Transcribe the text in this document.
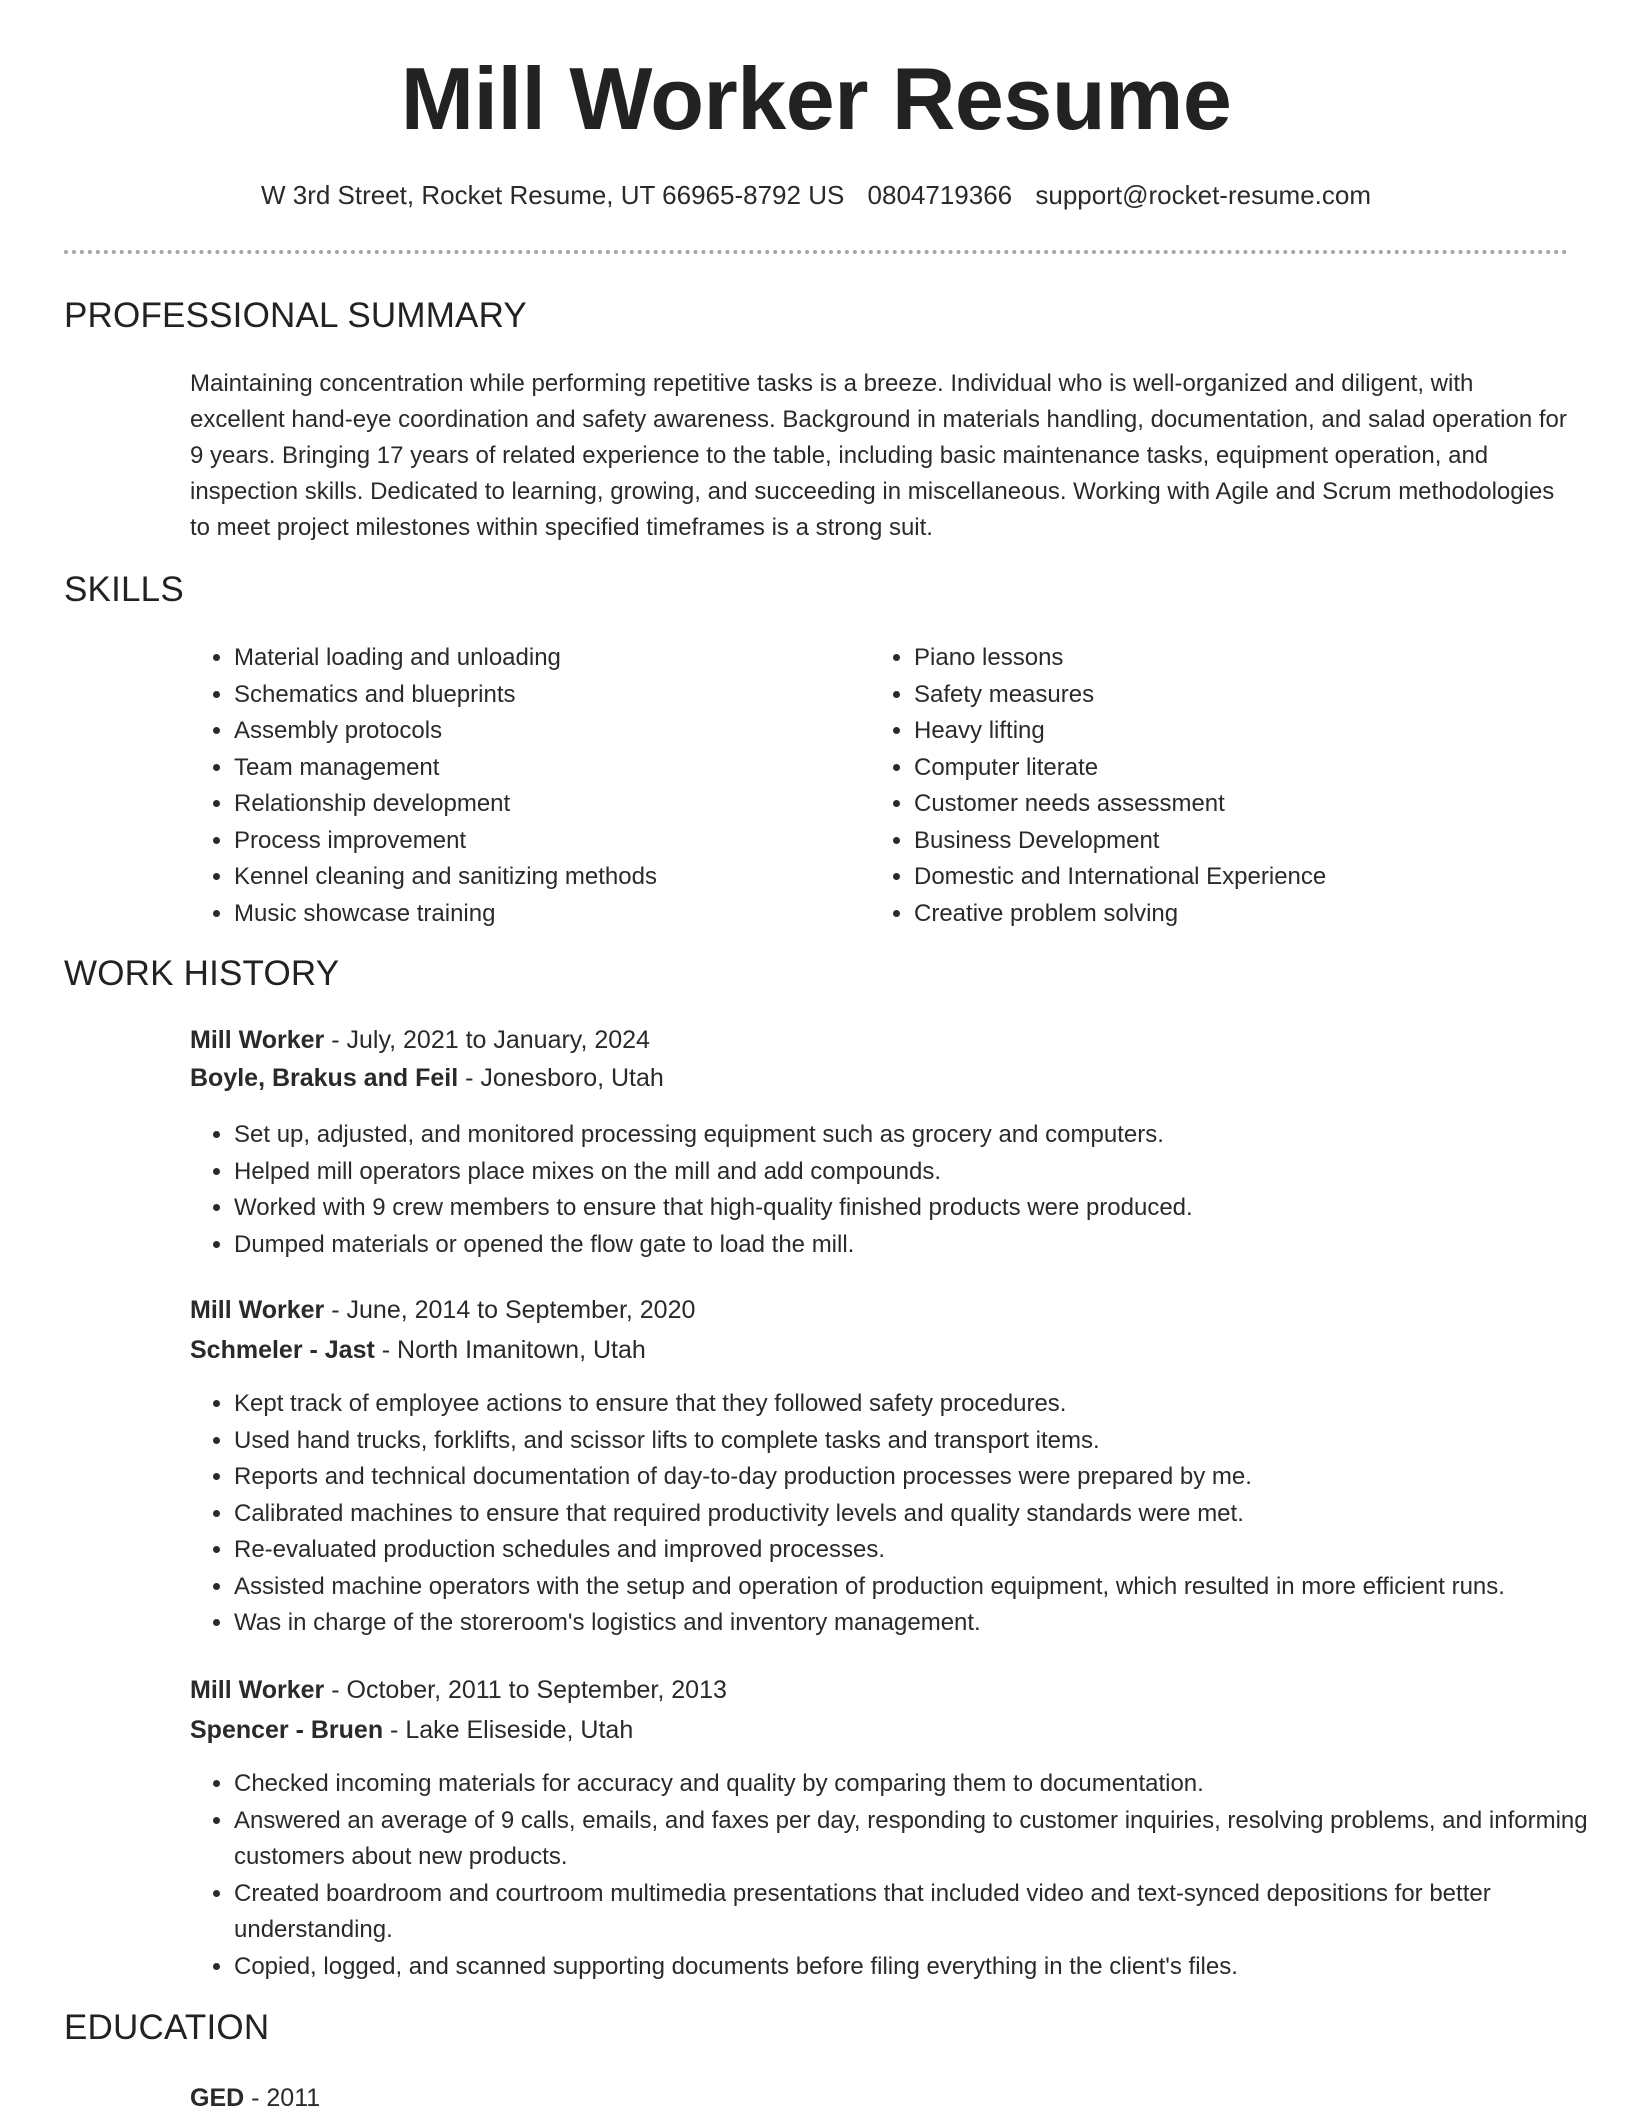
Mill Worker Resume
W 3rd Street, Rocket Resume, UT 66965-8792 US 0804719366 support@rocket-resume.com
PROFESSIONAL SUMMARY

Maintaining concentration while performing repetitive tasks is a breeze. Individual who is well-organized and diligent, with excellent hand-eye coordination and safety awareness. Background in materials handling, documentation, and salad operation for 9 years. Bringing 17 years of related experience to the table, including basic maintenance tasks, equipment operation, and inspection skills. Dedicated to learning, growing, and succeeding in miscellaneous. Working with Agile and Scrum methodologies to meet project milestones within specified timeframes is a strong suit.

SKILLS
• Material loading and unloading
• Schematics and blueprints
• Assembly protocols
• Team management
• Relationship development
• Process improvement
• Kennel cleaning and sanitizing methods
• Music showcase training
• Piano lessons
• Safety measures
• Heavy lifting
• Computer literate
• Customer needs assessment
• Business Development
• Domestic and International Experience
• Creative problem solving
WORK HISTORY
Mill Worker - July, 2021 to January, 2024
Boyle, Brakus and Feil - Jonesboro, Utah
• Set up, adjusted, and monitored processing equipment such as grocery and computers.
• Helped mill operators place mixes on the mill and add compounds.
• Worked with 9 crew members to ensure that high-quality finished products were produced.
• Dumped materials or opened the flow gate to load the mill.
Mill Worker - June, 2014 to September, 2020
Schmeler - Jast - North Imanitown, Utah
• Kept track of employee actions to ensure that they followed safety procedures.
• Used hand trucks, forklifts, and scissor lifts to complete tasks and transport items.
• Reports and technical documentation of day-to-day production processes were prepared by me.
• Calibrated machines to ensure that required productivity levels and quality standards were met.
• Re-evaluated production schedules and improved processes.
• Assisted machine operators with the setup and operation of production equipment, which resulted in more efficient runs.
• Was in charge of the storeroom's logistics and inventory management.
Mill Worker - October, 2011 to September, 2013
Spencer - Bruen - Lake Eliseside, Utah
• Checked incoming materials for accuracy and quality by comparing them to documentation.
• Answered an average of 9 calls, emails, and faxes per day, responding to customer inquiries, resolving problems, and informing customers about new products.
• Created boardroom and courtroom multimedia presentations that included video and text-synced depositions for better understanding.
• Copied, logged, and scanned supporting documents before filing everything in the client's files.
EDUCATION
GED - 2011
